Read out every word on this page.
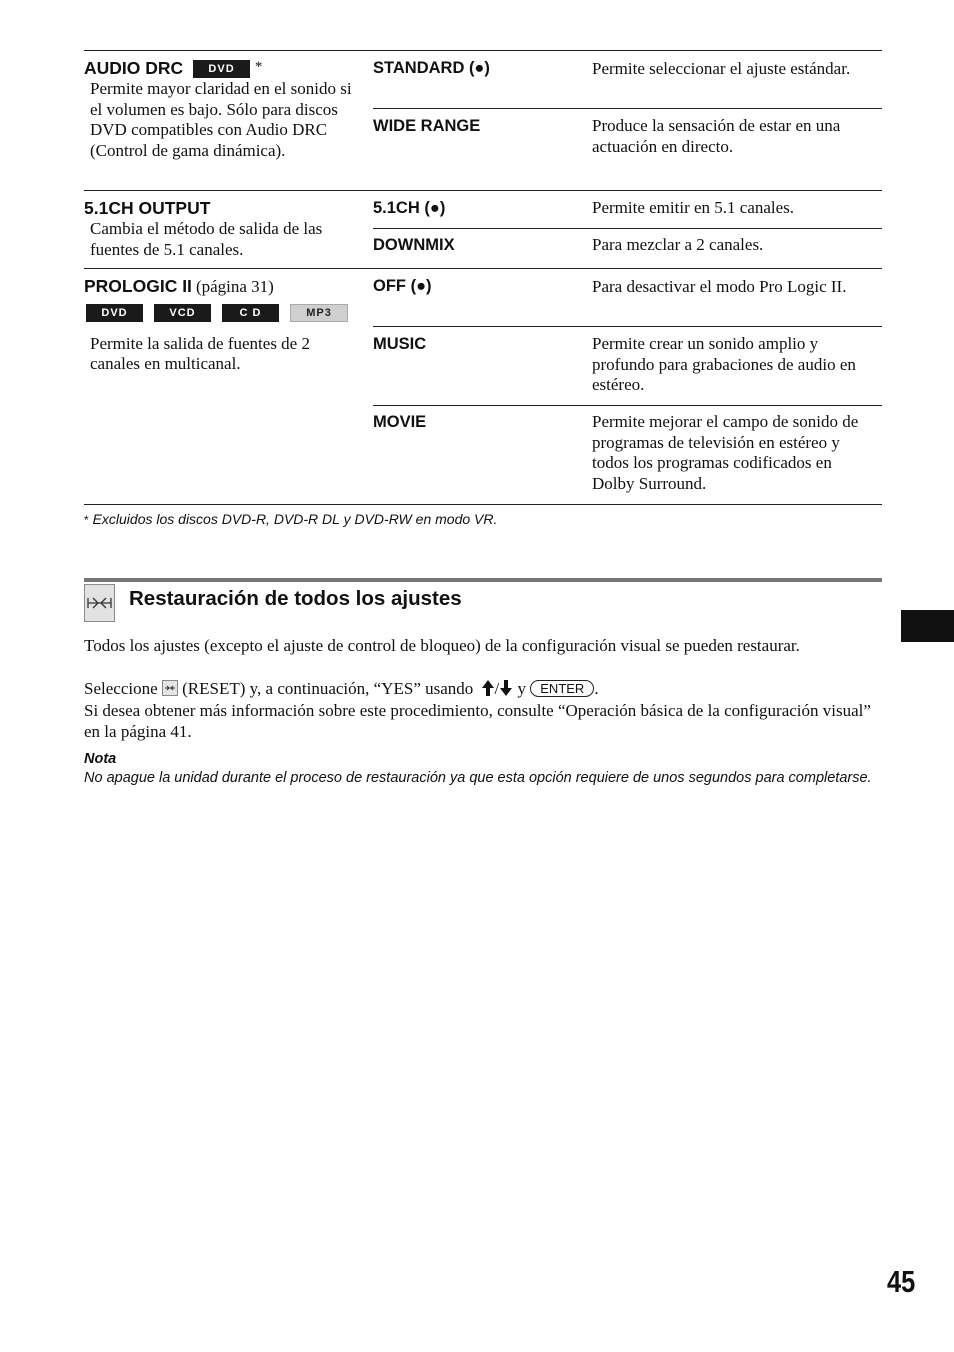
AUDIO DRC DVD *
Permite mayor claridad en el sonido si el volumen es bajo. Sólo para discos DVD compatibles con Audio DRC (Control de gama dinámica).
STANDARD (●)	Permite seleccionar el ajuste estándar.
WIDE RANGE	Produce la sensación de estar en una actuación en directo.
5.1CH OUTPUT
Cambia el método de salida de las fuentes de 5.1 canales.
5.1CH (●)	Permite emitir en 5.1 canales.
DOWNMIX	Para mezclar a 2 canales.
PROLOGIC II (página 31)
DVD	VCD	C D	MP3
Permite la salida de fuentes de 2 canales en multicanal.
OFF (●)	Para desactivar el modo Pro Logic II.
MUSIC	Permite crear un sonido amplio y profundo para grabaciones de audio en estéreo.
MOVIE	Permite mejorar el campo de sonido de programas de televisión en estéreo y todos los programas codificados en Dolby Surround.
* Excluidos los discos DVD-R, DVD-R DL y DVD-RW en modo VR.
Restauración de todos los ajustes
Todos los ajustes (excepto el ajuste de control de bloqueo) de la configuración visual se pueden restaurar.
Seleccione (RESET) y, a continuación, “YES” usando / y ENTER .
Si desea obtener más información sobre este procedimiento, consulte “Operación básica de la configuración visual” en la página 41.
Nota
No apague la unidad durante el proceso de restauración ya que esta opción requiere de unos segundos para completarse.
45
